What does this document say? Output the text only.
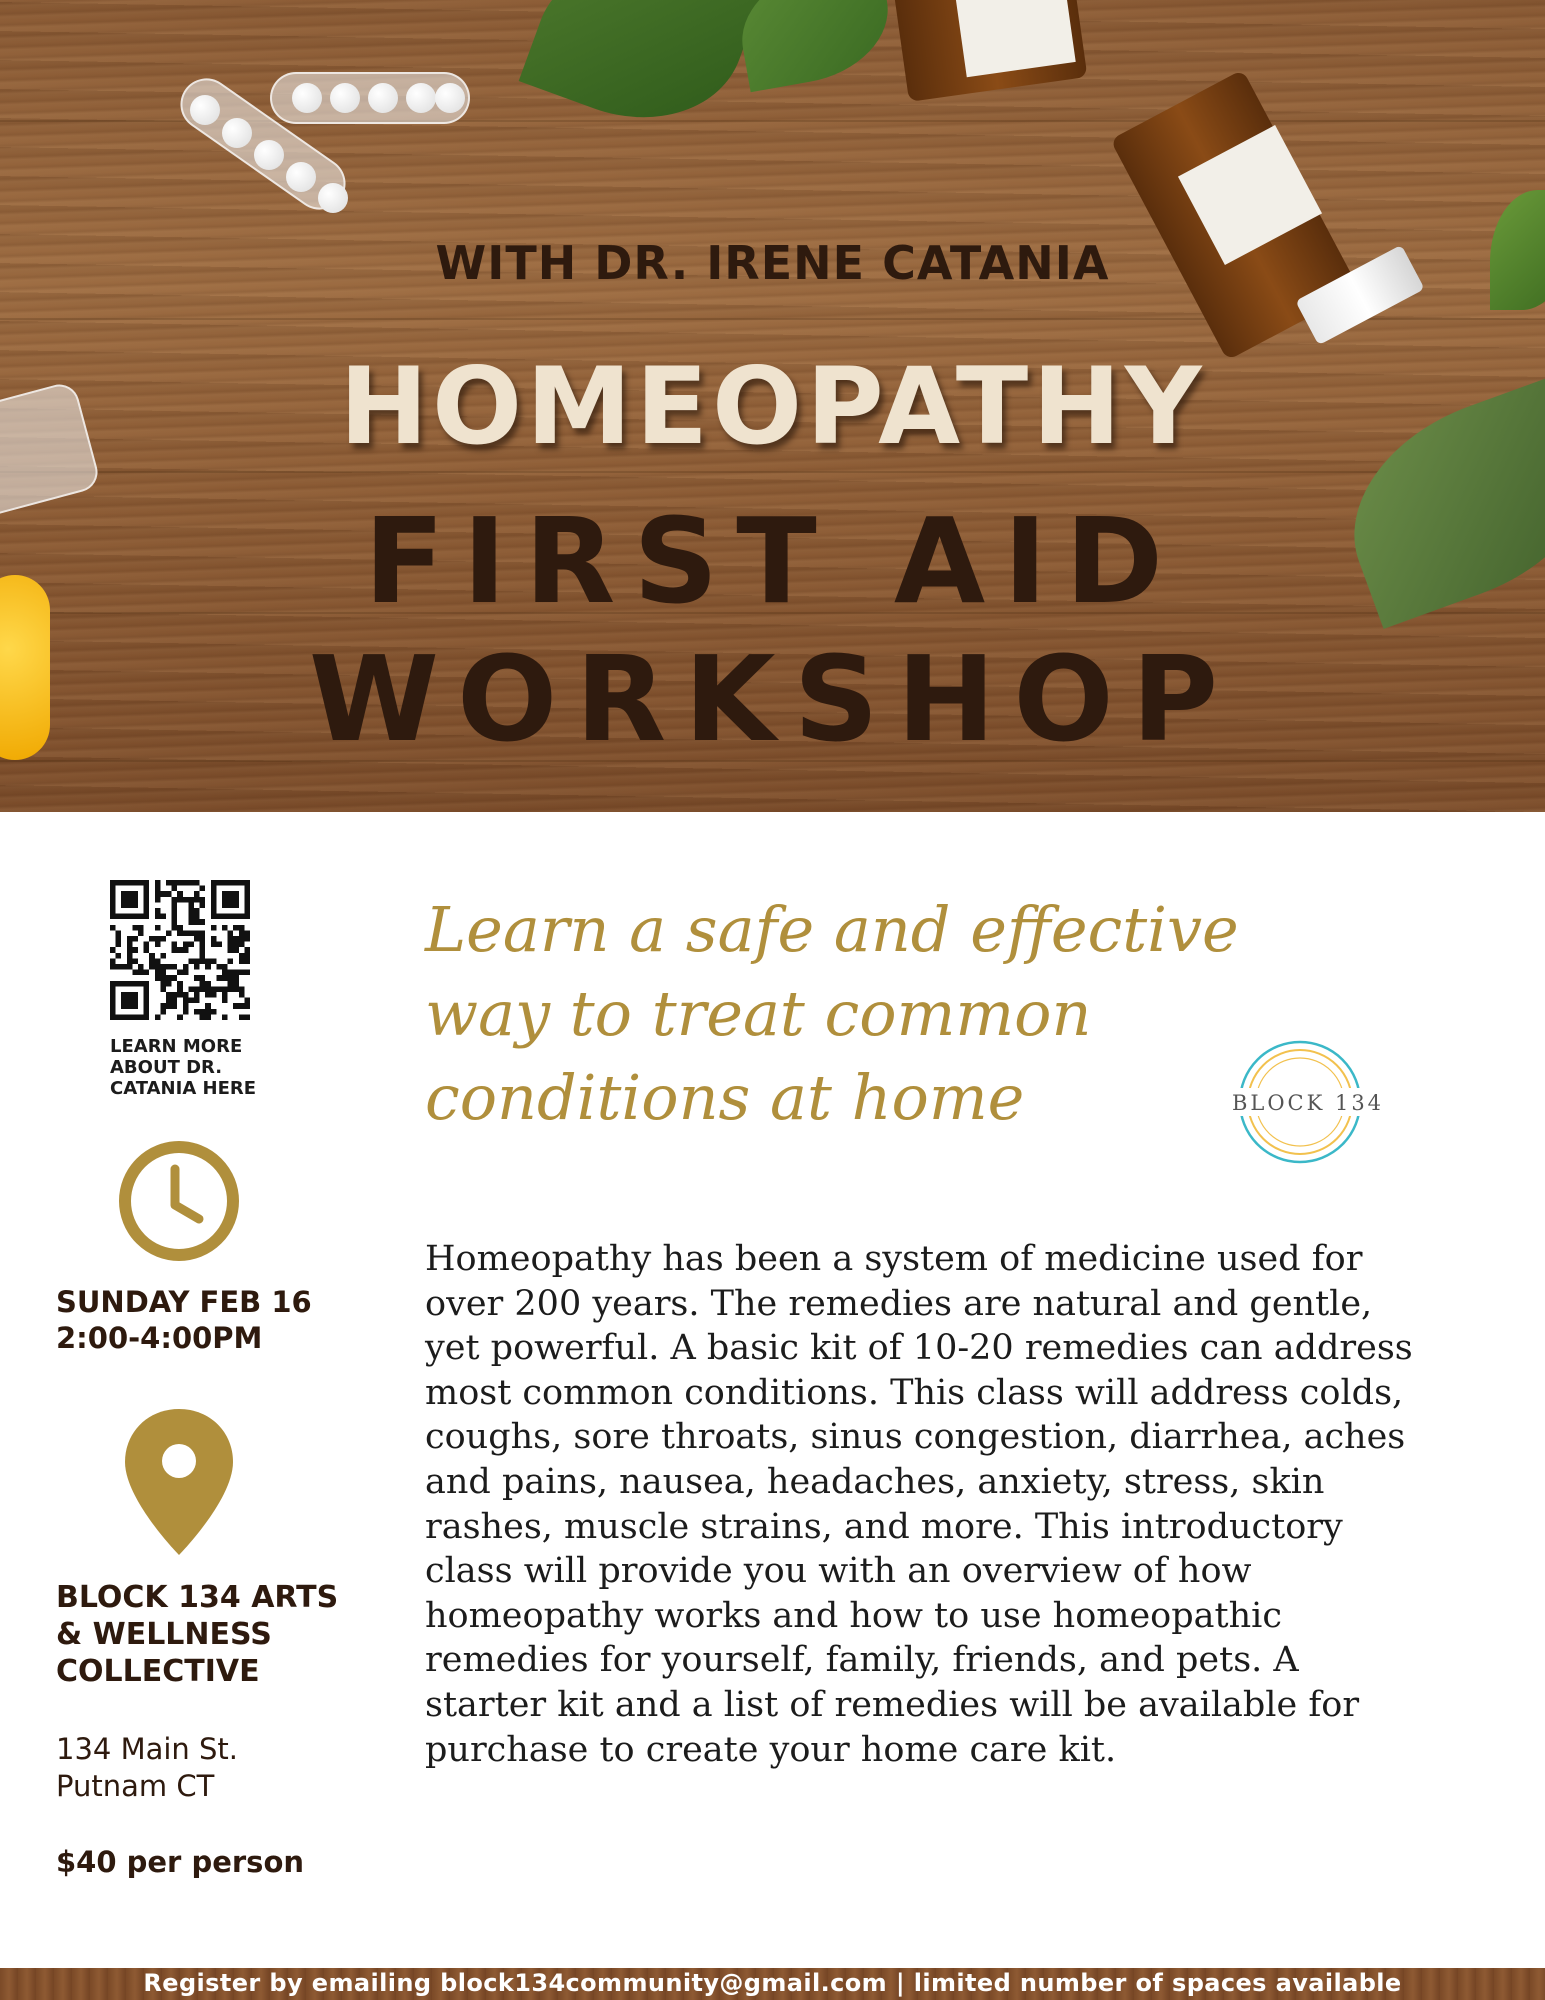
WITH DR. IRENE CATANIA
HOMEOPATHY
FIRST AID
WORKSHOP
LEARN MORE
ABOUT DR.
CATANIA HERE
SUNDAY FEB 16
2:00-4:00PM
BLOCK 134 ARTS
& WELLNESS
COLLECTIVE
134 Main St.
Putnam CT
$40 per person
Learn a safe and effective
way to treat common
conditions at home	BLOCK 134
Homeopathy has been a system of medicine used for
over 200 years. The remedies are natural and gentle,
yet powerful. A basic kit of 10-20 remedies can address
most common conditions. This class will address colds,
coughs, sore throats, sinus congestion, diarrhea, aches
and pains, nausea, headaches, anxiety, stress, skin
rashes, muscle strains, and more. This introductory
class will provide you with an overview of how
homeopathy works and how to use homeopathic
remedies for yourself, family, friends, and pets. A
starter kit and a list of remedies will be available for
purchase to create your home care kit.
Register by emailing block134community@gmail.com | limited number of spaces available
